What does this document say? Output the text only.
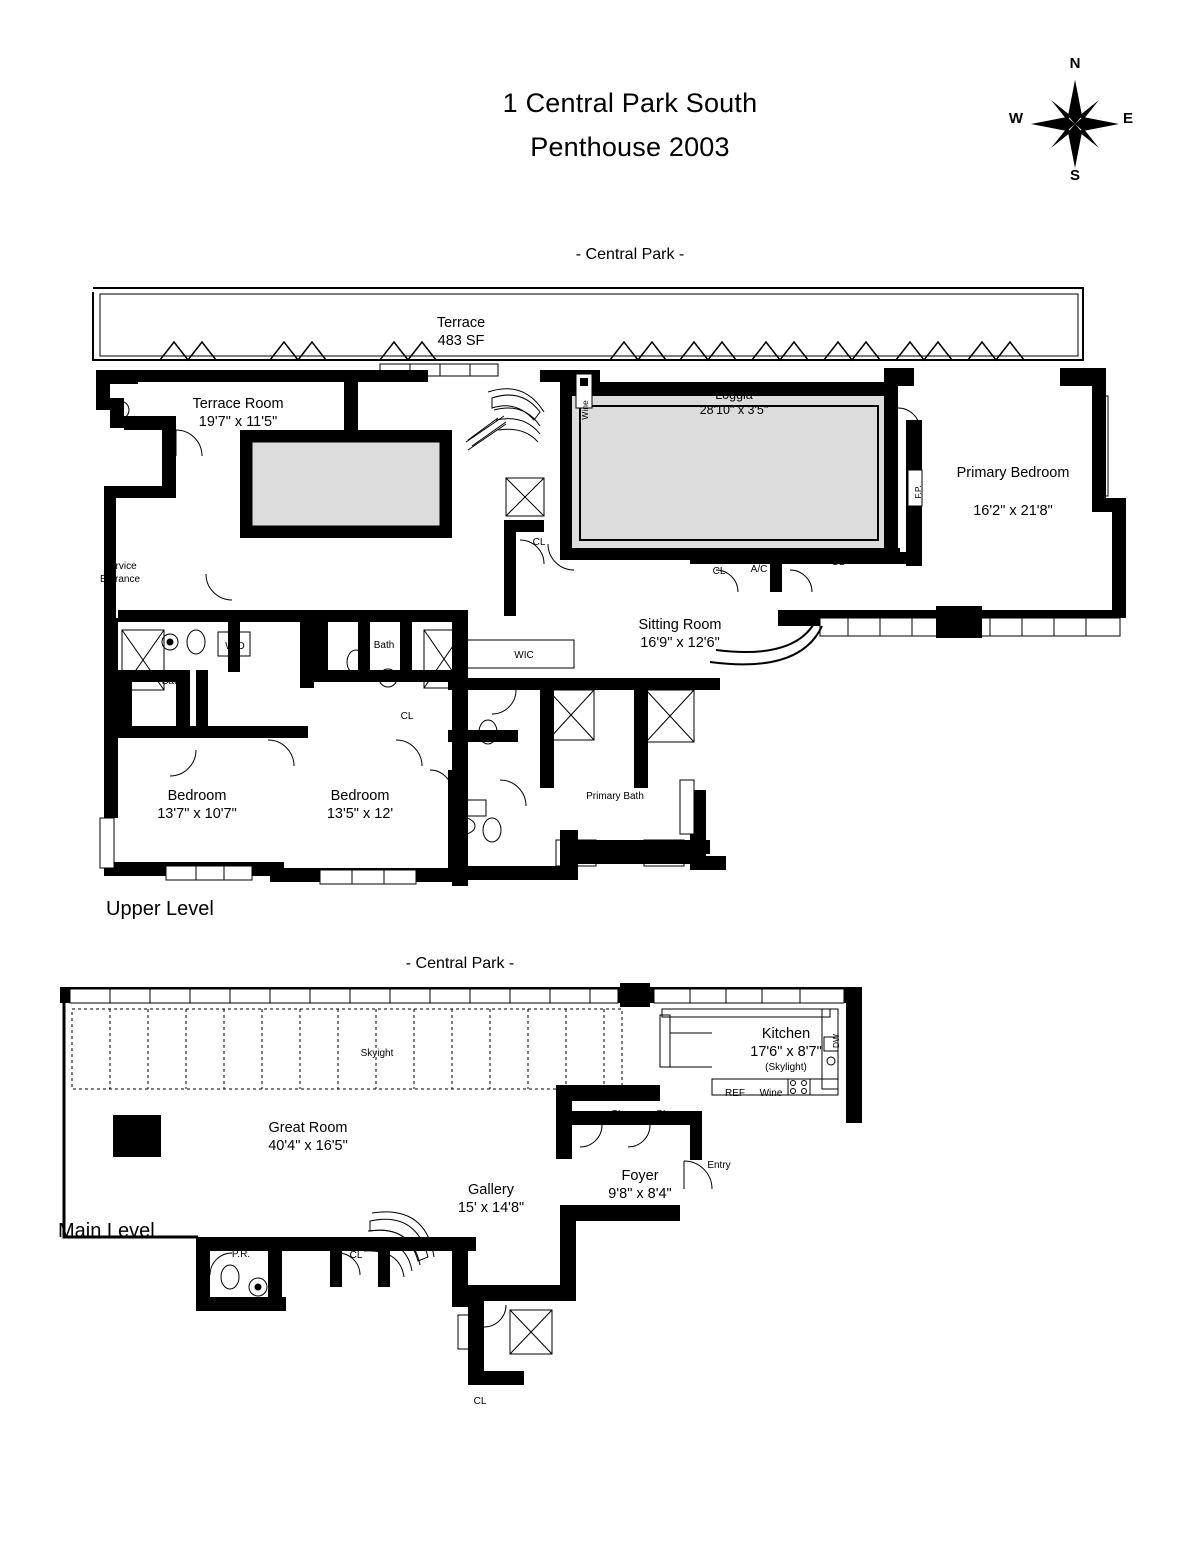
1 Central Park South
Penthouse 2003
N
S
E
W
- Central Park -
Upper Level
- Central Park -
Main Level
Terrace
483 SF
Terrace Room
19'7" x 11'5"
Loggia
28'10" x 3'5"
Primary Bedroom
16'2" x 21'8"
Sitting Room
16'9" x 12'6"
Bedroom
13'7" x 10'7"
Bedroom
13'5" x 12'
Primary Bath
Bath
Bath
WIC
W/D
Service
Entrance
Wine
F.P.
A/C
CL
CL
CL
CL
CL
CL
Great Room
40'4" x 16'5"
Kitchen
17'6" x 8'7"
(Skylight)
Gallery
15' x 14'8"
Foyer
9'8" x 8'4"
Skyight
P.R.
Entry
DW
REF Wine
CL	CL
CL
CL
